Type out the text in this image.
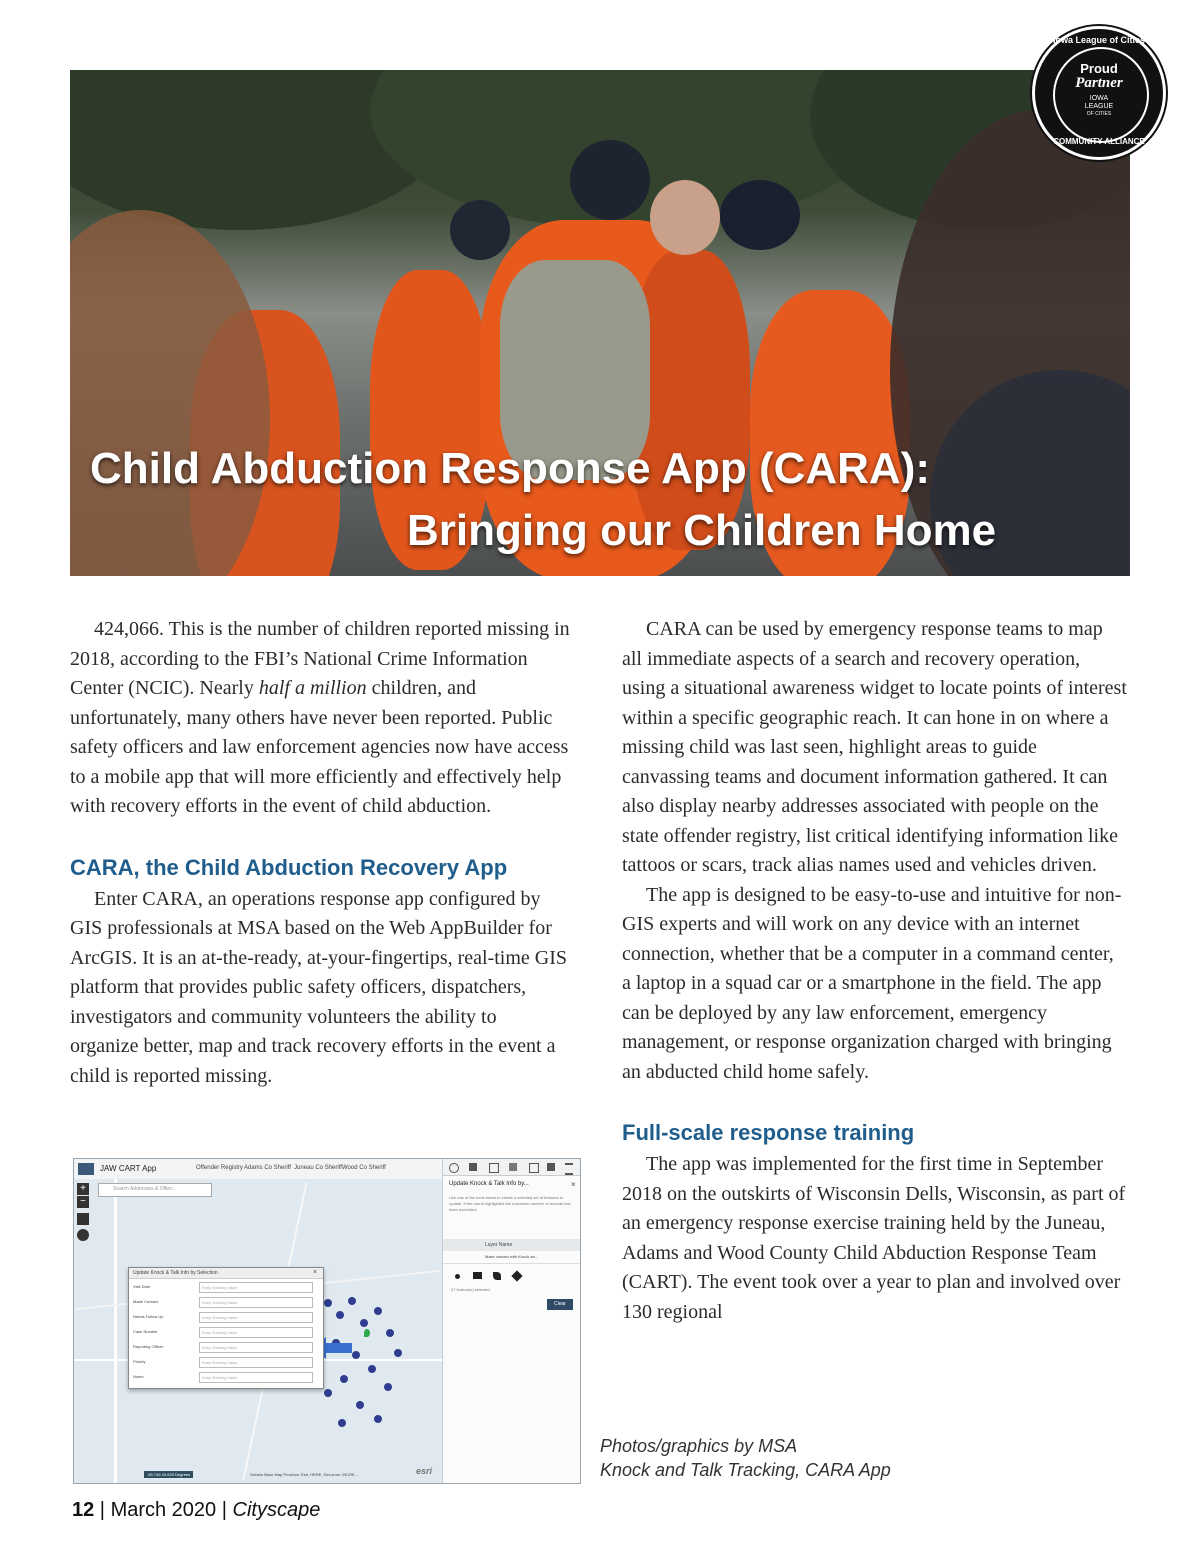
Child Abduction Response App (CARA):
Bringing our Children Home
Iowa League of Cities
Proud
Partner
IOWA
LEAGUE
OF CITIES
COMMUNITY ALLIANCE

424,066. This is the number of children reported missing in 2018, according to the FBI’s National Crime Information Center (NCIC). Nearly half a million children, and unfortunately, many others have never been reported. Public safety officers and law enforcement agencies now have access to a mobile app that will more efficiently and effectively help with recovery efforts in the event of child abduction.

CARA, the Child Abduction Recovery App

Enter CARA, an operations response app configured by GIS professionals at MSA based on the Web AppBuilder for ArcGIS. It is an at-the-ready, at-your-fingertips, real-time GIS platform that provides public safety officers, dispatchers, investigators and community volunteers the ability to organize better, map and track recovery efforts in the event a child is reported missing.

CARA can be used by emergency response teams to map all immediate aspects of a search and recovery operation, using a situational awareness widget to locate points of interest within a specific geographic reach. It can hone in on where a missing child was last seen, highlight areas to guide canvassing teams and document information gathered. It can also display nearby addresses associated with people on the state offender registry, list critical identifying information like tattoos or scars, track alias names used and vehicles driven.

The app is designed to be easy-to-use and intuitive for non-GIS experts and will work on any device with an internet connection, whether that be a computer in a command center, a laptop in a squad car or a smartphone in the field. The app can be deployed by any law enforcement, emergency management, or response organization charged with bringing an abducted child home safely.

Full-scale response training

The app was implemented for the first time in September 2018 on the outskirts of Wisconsin Dells, Wisconsin, as part of an emergency response exercise training held by the Juneau, Adams and Wood County Child Abduction Response Team (CART). The event took over a year to plan and involved over 130 regional

JAW CART App	Offender Registry Adams Co Sheriff Juneau Co Sheriff Wood Co Sheriff
Search Addresses & Offen...
+
−
Update Knock & Talk Info by Selection	×
Visit Date	Keep Existing Value
Made Contact	Keep Existing Value
Needs Follow Up	Keep Existing Value
Case Number	Keep Existing Value
Reporting Officer	Keep Existing Value
Priority	Keep Existing Value
Notes	Keep Existing Value
-89.746 43.629 Degrees	Ontario Base Map Province, Esri, HERE, DeLorme, INCRE...	esri
Update Knock & Talk Info by...	×
Use one of the tools below to create a selected set of features to update. If the row is highlighted the maximum number of records has been exceeded.
Layer Name
Make contact with Knock an...
27 feature(s) selected
Clear
Photos/graphics by MSA
Knock and Talk Tracking, CARA App
12 | March 2020 | Cityscape
